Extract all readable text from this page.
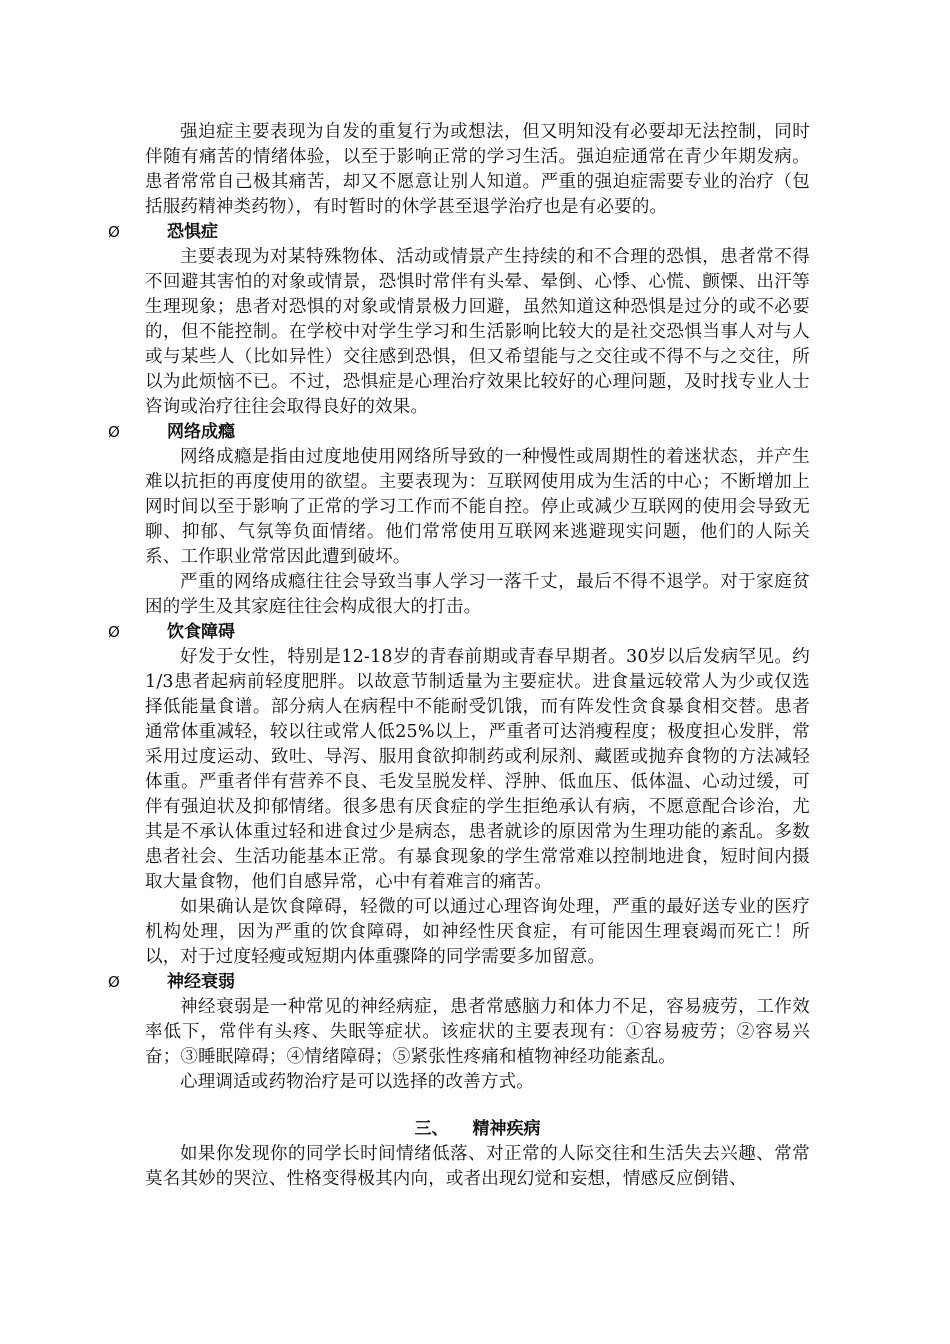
强迫症主要表现为自发的重复行为或想法，但又明知没有必要却无法控制，同时伴随有痛苦的情绪体验，以至于影响正常的学习生活。强迫症通常在青少年期发病。患者常常自己极其痛苦，却又不愿意让别人知道。严重的强迫症需要专业的治疗（包括服药精神类药物），有时暂时的休学甚至退学治疗也是有必要的。

Ø	恐惧症

主要表现为对某特殊物体、活动或情景产生持续的和不合理的恐惧，患者常不得不回避其害怕的对象或情景，恐惧时常伴有头晕、晕倒、心悸、心慌、颤慄、出汗等生理现象；患者对恐惧的对象或情景极力回避，虽然知道这种恐惧是过分的或不必要的，但不能控制。在学校中对学生学习和生活影响比较大的是社交恐惧当事人对与人或与某些人（比如异性）交往感到恐惧，但又希望能与之交往或不得不与之交往，所以为此烦恼不已。不过，恐惧症是心理治疗效果比较好的心理问题，及时找专业人士咨询或治疗往往会取得良好的效果。

Ø	网络成瘾

网络成瘾是指由过度地使用网络所导致的一种慢性或周期性的着迷状态，并产生难以抗拒的再度使用的欲望。主要表现为：互联网使用成为生活的中心；不断增加上网时间以至于影响了正常的学习工作而不能自控。停止或减少互联网的使用会导致无聊、抑郁、气氛等负面情绪。他们常常使用互联网来逃避现实问题，他们的人际关系、工作职业常常因此遭到破坏。

严重的网络成瘾往往会导致当事人学习一落千丈，最后不得不退学。对于家庭贫困的学生及其家庭往往会构成很大的打击。

Ø	饮食障碍

好发于女性，特别是12-18岁的青春前期或青春早期者。30岁以后发病罕见。约1/3患者起病前轻度肥胖。以故意节制适量为主要症状。进食量远较常人为少或仅选择低能量食谱。部分病人在病程中不能耐受饥饿，而有阵发性贪食暴食相交替。患者通常体重减轻，较以往或常人低25%以上，严重者可达消瘦程度；极度担心发胖，常采用过度运动、致吐、导泻、服用食欲抑制药或利尿剂、藏匿或抛弃食物的方法减轻体重。严重者伴有营养不良、毛发呈脱发样、浮肿、低血压、低体温、心动过缓，可伴有强迫状及抑郁情绪。很多患有厌食症的学生拒绝承认有病，不愿意配合诊治，尤其是不承认体重过轻和进食过少是病态，患者就诊的原因常为生理功能的紊乱。多数患者社会、生活功能基本正常。有暴食现象的学生常常难以控制地进食，短时间内摄取大量食物，他们自感异常，心中有着难言的痛苦。

如果确认是饮食障碍，轻微的可以通过心理咨询处理，严重的最好送专业的医疗机构处理，因为严重的饮食障碍，如神经性厌食症，有可能因生理衰竭而死亡！所以，对于过度轻瘦或短期内体重骤降的同学需要多加留意。

Ø	神经衰弱

神经衰弱是一种常见的神经病症，患者常感脑力和体力不足，容易疲劳，工作效率低下，常伴有头疼、失眠等症状。该症状的主要表现有：①容易疲劳；②容易兴奋；③睡眠障碍；④情绪障碍；⑤紧张性疼痛和植物神经功能紊乱。

心理调适或药物治疗是可以选择的改善方式。

三、 精神疾病

如果你发现你的同学长时间情绪低落、对正常的人际交往和生活失去兴趣、常常莫名其妙的哭泣、性格变得极其内向，或者出现幻觉和妄想，情感反应倒错、
